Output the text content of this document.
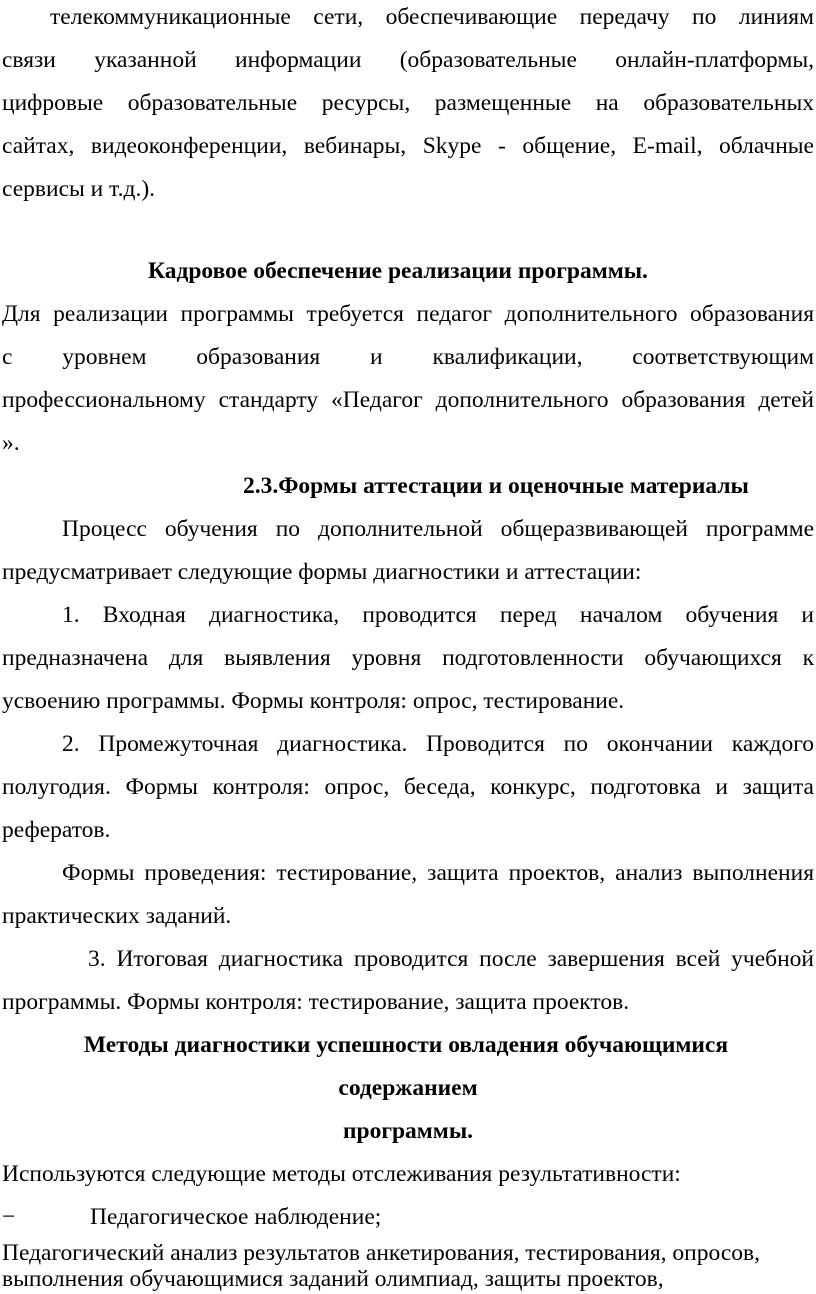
телекоммуникационные сети, обеспечивающие передачу по линиям
связи указанной информации (образовательные онлайн-платформы,
цифровые образовательные ресурсы, размещенные на образовательных
сайтах, видеоконференции, вебинары, Skype - общение, E-mail, облачные
сервисы и т.д.).
Кадровое обеспечение реализации программы.
Для реализации программы требуется педагог дополнительного образования
с уровнем образования и квалификации, соответствующим
профессиональному стандарту «Педагог дополнительного образования детей
».
2.3.Формы аттестации и оценочные материалы
Процесс обучения по дополнительной общеразвивающей программе
предусматривает следующие формы диагностики и аттестации:
1. Входная диагностика, проводится перед началом обучения и
предназначена для выявления уровня подготовленности обучающихся к
усвоению программы. Формы контроля: опрос, тестирование.
2. Промежуточная диагностика. Проводится по окончании каждого
полугодия. Формы контроля: опрос, беседа, конкурс, подготовка и защита
рефератов.
Формы проведения: тестирование, защита проектов, анализ выполнения
практических заданий.
3. Итоговая диагностика проводится после завершения всей учебной
программы. Формы контроля: тестирование, защита проектов.
Методы диагностики успешности овладения обучающимися
содержанием
программы.
Используются следующие методы отслеживания результативности:
−	Педагогическое наблюдение;
Педагогический анализ результатов анкетирования, тестирования, опросов,
выполнения обучающимися заданий олимпиад, защиты проектов,
